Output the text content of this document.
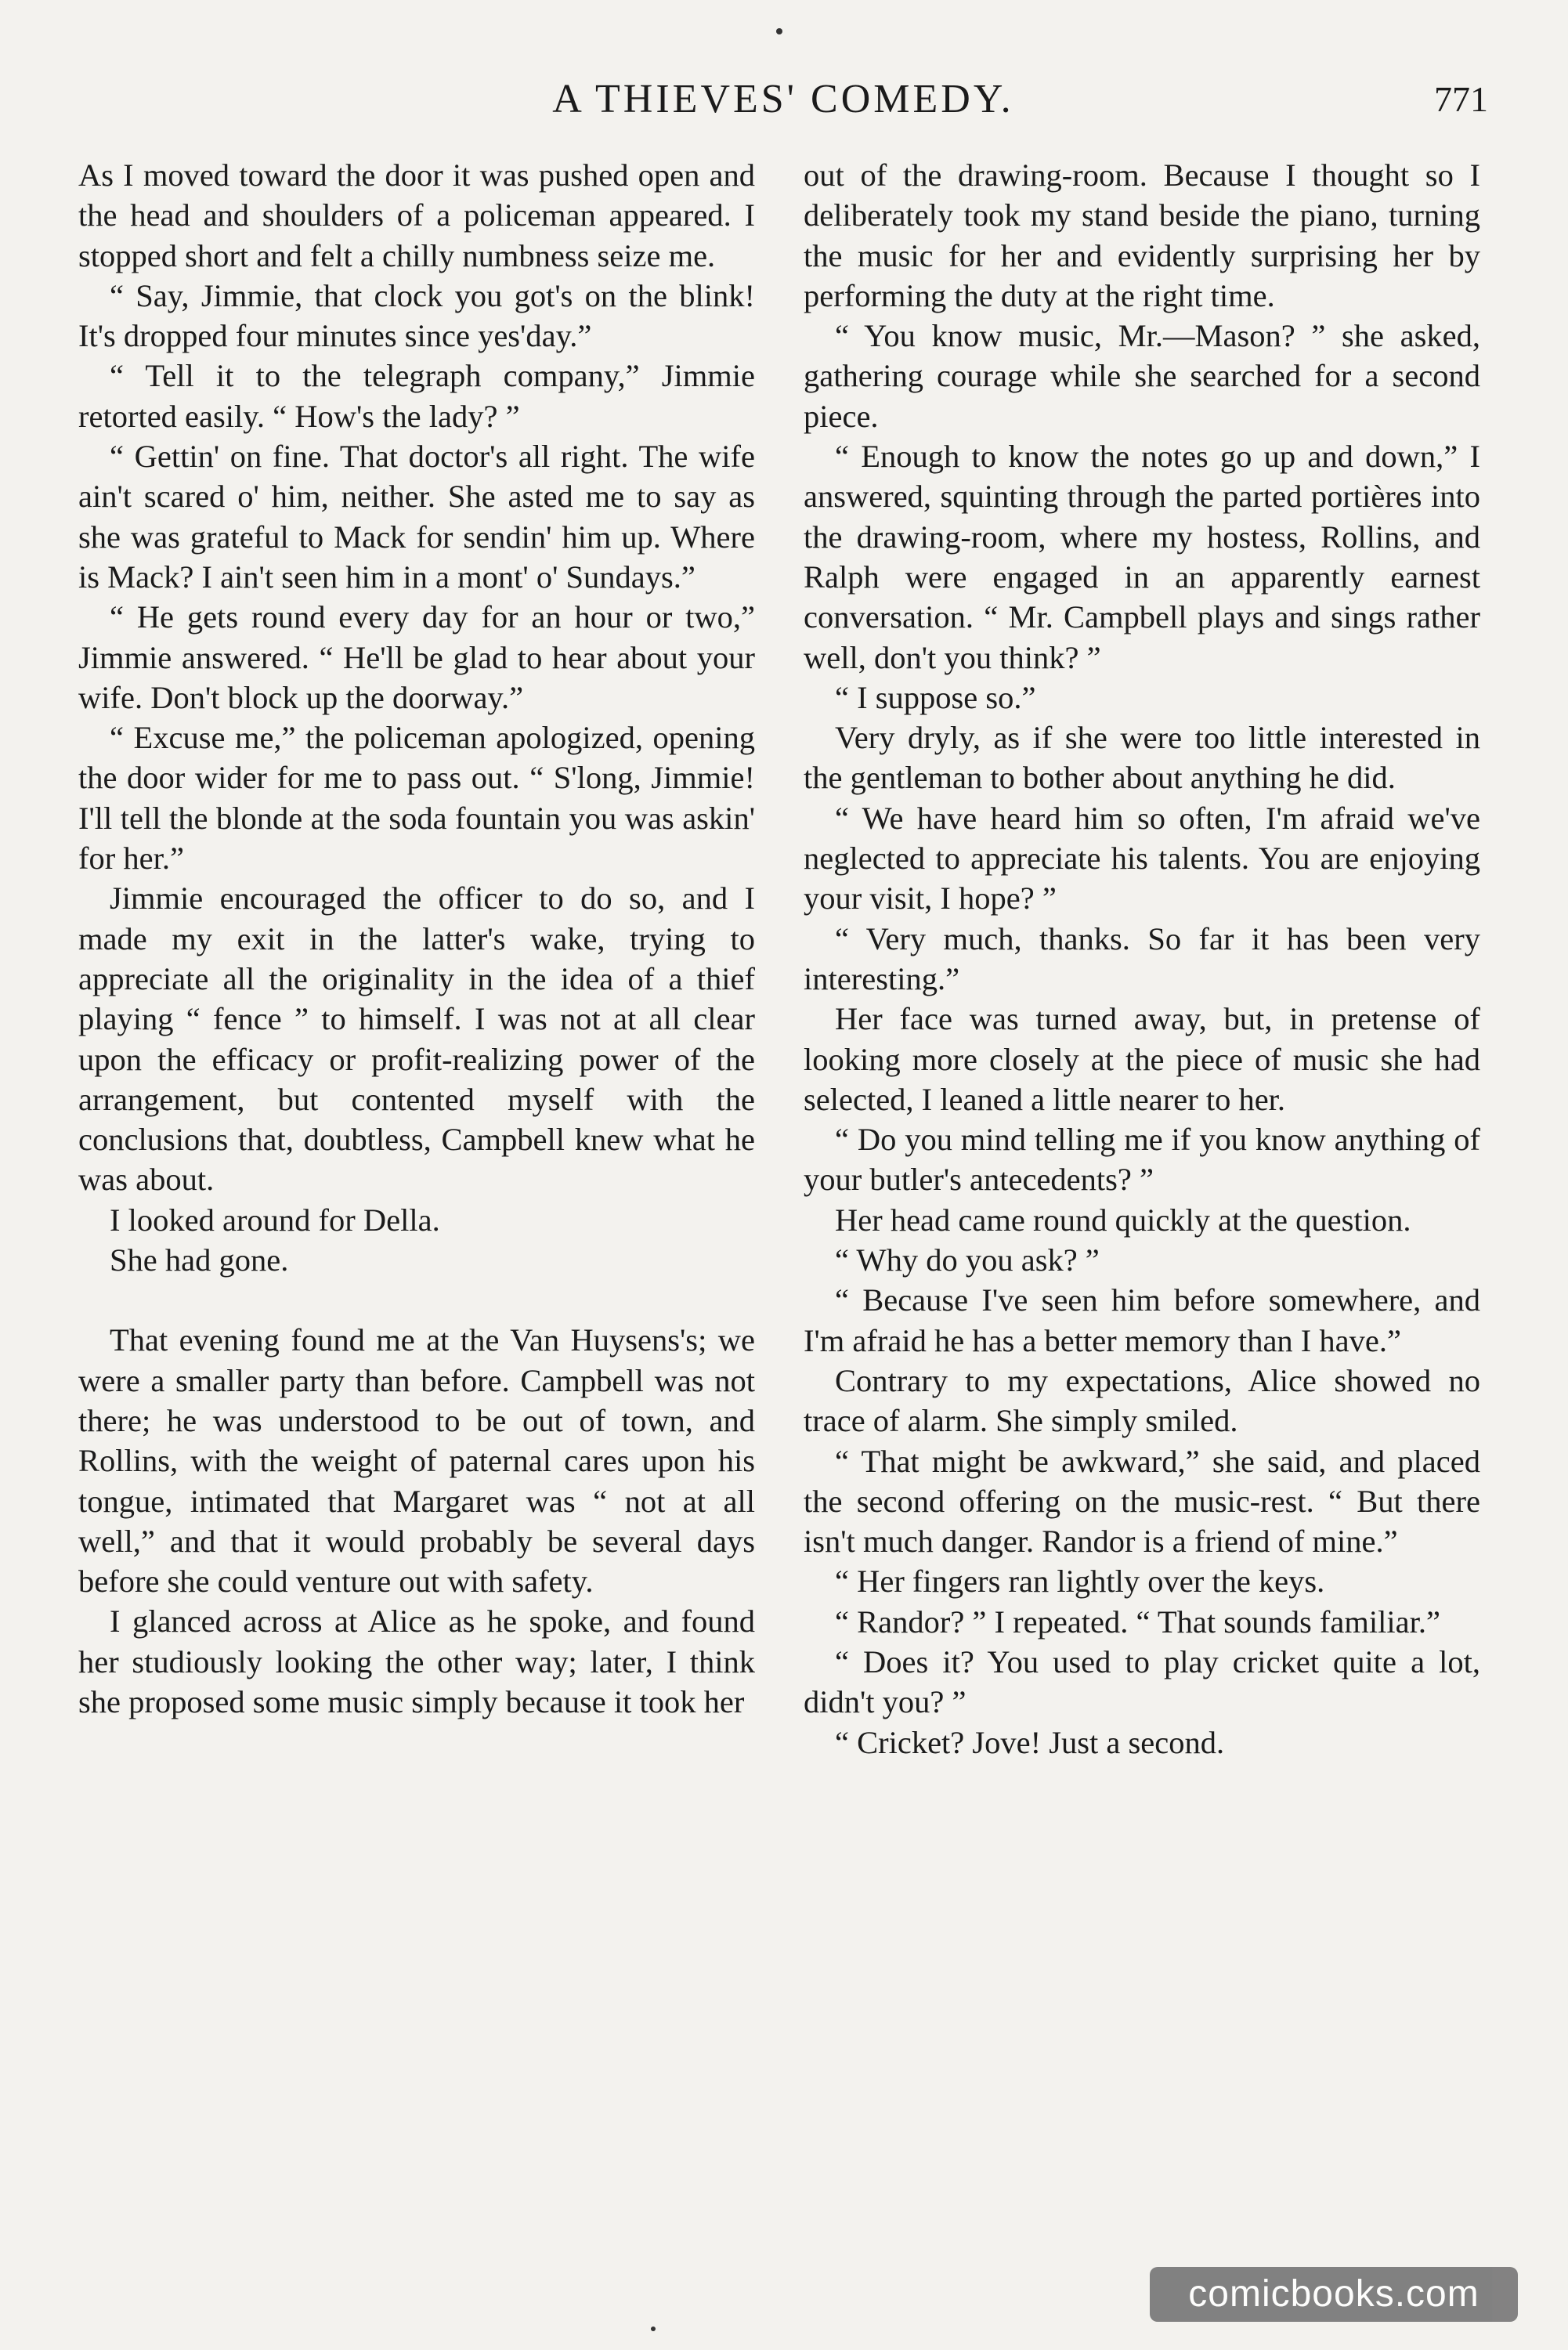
A THIEVES' COMEDY.	771

As I moved toward the door it was pushed open and the head and shoulders of a policeman appeared. I stopped short and felt a chilly numbness seize me.

“ Say, Jimmie, that clock you got's on the blink! It's dropped four minutes since yes'day.”

“ Tell it to the telegraph company,” Jimmie retorted easily. “ How's the lady? ”

“ Gettin' on fine. That doctor's all right. The wife ain't scared o' him, neither. She asted me to say as she was grateful to Mack for sendin' him up. Where is Mack? I ain't seen him in a mont' o' Sundays.”

“ He gets round every day for an hour or two,” Jimmie answered. “ He'll be glad to hear about your wife. Don't block up the doorway.”

“ Excuse me,” the policeman apologized, opening the door wider for me to pass out. “ S'long, Jimmie! I'll tell the blonde at the soda fountain you was askin' for her.”

Jimmie encouraged the officer to do so, and I made my exit in the latter's wake, trying to appreciate all the originality in the idea of a thief playing “ fence ” to himself. I was not at all clear upon the efficacy or profit-realizing power of the arrangement, but contented myself with the conclusions that, doubtless, Campbell knew what he was about.

I looked around for Della.

She had gone.

That evening found me at the Van Huysens's; we were a smaller party than before. Campbell was not there; he was understood to be out of town, and Rollins, with the weight of paternal cares upon his tongue, intimated that Margaret was “ not at all well,” and that it would probably be several days before she could venture out with safety.

I glanced across at Alice as he spoke, and found her studiously looking the other way; later, I think she proposed some music simply because it took her

out of the drawing-room. Because I thought so I deliberately took my stand beside the piano, turning the music for her and evidently surprising her by performing the duty at the right time.

“ You know music, Mr.—Mason? ” she asked, gathering courage while she searched for a second piece.

“ Enough to know the notes go up and down,” I answered, squinting through the parted portières into the drawing-room, where my hostess, Rollins, and Ralph were engaged in an apparently earnest conversation. “ Mr. Campbell plays and sings rather well, don't you think? ”

“ I suppose so.”

Very dryly, as if she were too little interested in the gentleman to bother about anything he did.

“ We have heard him so often, I'm afraid we've neglected to appreciate his talents. You are enjoying your visit, I hope? ”

“ Very much, thanks. So far it has been very interesting.”

Her face was turned away, but, in pretense of looking more closely at the piece of music she had selected, I leaned a little nearer to her.

“ Do you mind telling me if you know anything of your butler's antecedents? ”

Her head came round quickly at the question.

“ Why do you ask? ”

“ Because I've seen him before somewhere, and I'm afraid he has a better memory than I have.”

Contrary to my expectations, Alice showed no trace of alarm. She simply smiled.

“ That might be awkward,” she said, and placed the second offering on the music-rest. “ But there isn't much danger. Randor is a friend of mine.”

“ Her fingers ran lightly over the keys.

“ Randor? ” I repeated. “ That sounds familiar.”

“ Does it? You used to play cricket quite a lot, didn't you? ”

“ Cricket? Jove! Just a second.

comicbooks.com
